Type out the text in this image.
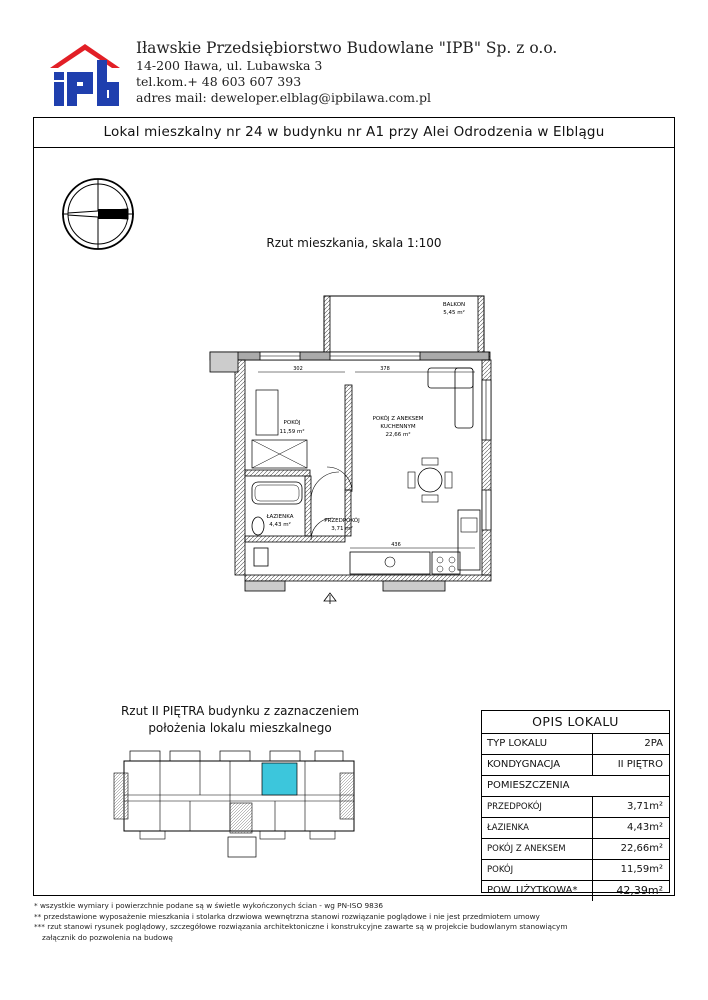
Iławskie Przedsiębiorstwo Budowlane "IPB" Sp. z o.o.
14-200 Iława, ul. Lubawska 3
tel.kom.+ 48 603 607 393
adres mail: deweloper.elblag@ipbilawa.com.pl
Lokal mieszkalny nr 24 w budynku nr A1 przy Alei Odrodzenia w Elblągu
Rzut mieszkania, skala 1:100
BALKON
5,45 m²
POKÓJ
11,59 m²
POKÓJ Z ANEKSEM
KUCHENNYM
22,66 m²
ŁAZIENKA
4,43 m²
PRZEDPOKÓJ
3,71 m²
302	378
436
Rzut II PIĘTRA budynku z zaznaczeniem
położenia lokalu mieszkalnego	OPIS LOKALU
TYP LOKALU	2PA
KONDYGNACJA	II PIĘTRO
POMIESZCZENIA
PRZEDPOKÓJ	3,71m²
ŁAZIENKA	4,43m²
POKÓJ Z ANEKSEM	22,66m²
POKÓJ	11,59m²
POW. UŻYTKOWA*	42,39m²
* wszystkie wymiary i powierzchnie podane są w świetle wykończonych ścian - wg PN-ISO 9836
** przedstawione wyposażenie mieszkania i stolarka drzwiowa wewnętrzna stanowi rozwiązanie poglądowe i nie jest przedmiotem umowy
*** rzut stanowi rysunek poglądowy, szczegółowe rozwiązania architektoniczne i konstrukcyjne zawarte są w projekcie budowlanym stanowiącym
załącznik do pozwolenia na budowę
